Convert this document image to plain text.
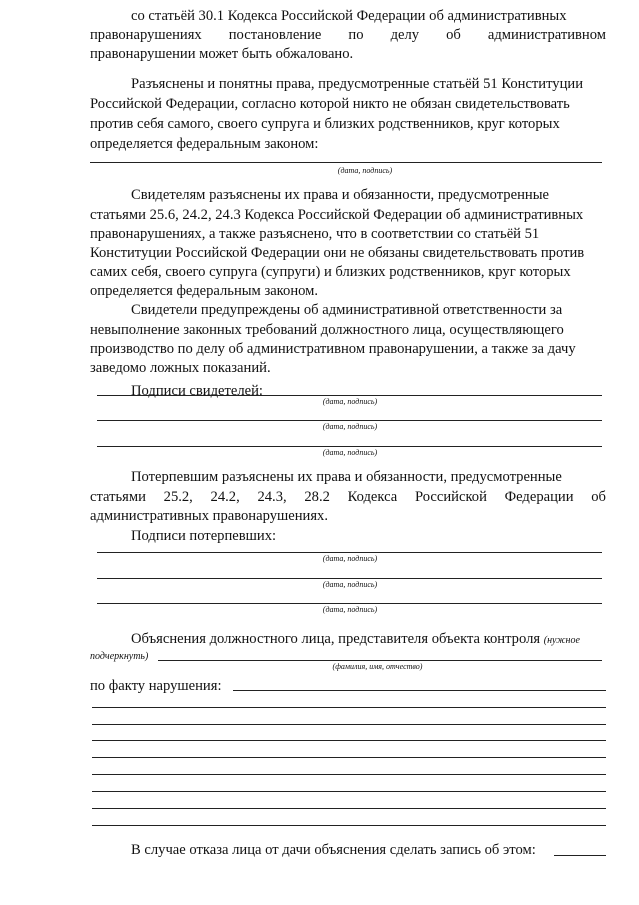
со статьёй 30.1 Кодекса Российской Федерации об административных
правонарушениях постановление по делу об административном
правонарушении может быть обжаловано.
Разъяснены и понятны права, предусмотренные статьёй 51 Конституции
Российской Федерации, согласно которой никто не обязан свидетельствовать
против себя самого, своего супруга и близких родственников, круг которых
определяется федеральным законом:
(дата, подпись)
Свидетелям разъяснены их права и обязанности, предусмотренные
статьями 25.6, 24.2, 24.3 Кодекса Российской Федерации об административных
правонарушениях, а также разъяснено, что в соответствии со статьёй 51
Конституции Российской Федерации они не обязаны свидетельствовать против
самих себя, своего супруга (супруги) и близких родственников, круг которых
определяется федеральным законом.
Свидетели предупреждены об административной ответственности за
невыполнение законных требований должностного лица, осуществляющего
производство по делу об административном правонарушении, а также за дачу
заведомо ложных показаний.
Подписи свидетелей:
(дата, подпись)
(дата, подпись)
(дата, подпись)
Потерпевшим разъяснены их права и обязанности, предусмотренные
статьями 25.2, 24.2, 24.3, 28.2 Кодекса Российской Федерации об
административных правонарушениях.
Подписи потерпевших:
(дата, подпись)
(дата, подпись)
(дата, подпись)
Объяснения должностного лица, представителя объекта контроля (нужное
подчеркнуть)
(фамилия, имя, отчество)
по факту нарушения:
В случае отказа лица от дачи объяснения сделать запись об этом:
